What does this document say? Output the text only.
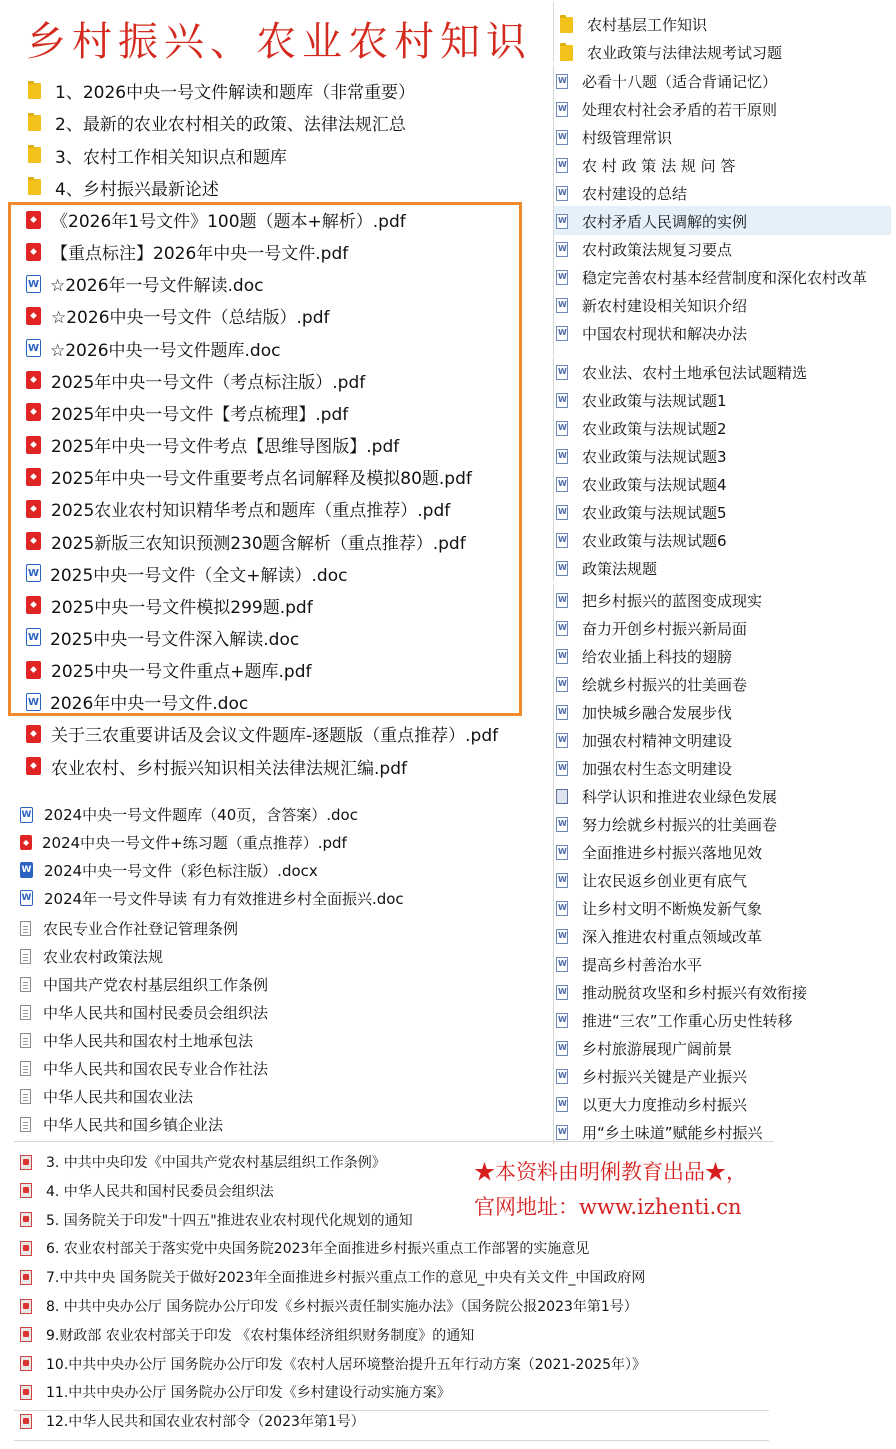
乡村振兴、农业农村知识
1、2026中央一号文件解读和题库（非常重要）
2、最新的农业农村相关的政策、法律法规汇总
3、农村工作相关知识点和题库
4、乡村振兴最新论述
⬥ 《2026年1号文件》100题（题本+解析）.pdf
⬥ 【重点标注】2026年中央一号文件.pdf
W ☆2026年一号文件解读.doc
⬥ ☆2026中央一号文件（总结版）.pdf
W ☆2026中央一号文件题库.doc
⬥ 2025年中央一号文件（考点标注版）.pdf
⬥ 2025年中央一号文件【考点梳理】.pdf
⬥ 2025年中央一号文件考点【思维导图版】.pdf
⬥ 2025年中央一号文件重要考点名词解释及模拟80题.pdf
⬥ 2025农业农村知识精华考点和题库（重点推荐）.pdf
⬥ 2025新版三农知识预测230题含解析（重点推荐）.pdf
W 2025中央一号文件（全文+解读）.doc
⬥ 2025中央一号文件模拟299题.pdf
W 2025中央一号文件深入解读.doc
⬥ 2025中央一号文件重点+题库.pdf
W 2026年中央一号文件.doc
⬥ 关于三农重要讲话及会议文件题库-逐题版（重点推荐）.pdf
⬥ 农业农村、乡村振兴知识相关法律法规汇编.pdf
W 2024中央一号文件题库（40页，含答案）.doc
⬥ 2024中央一号文件+练习题（重点推荐）.pdf
W 2024中央一号文件（彩色标注版）.docx
W 2024年一号文件导读 有力有效推进乡村全面振兴.doc
农民专业合作社登记管理条例
农业农村政策法规
中国共产党农村基层组织工作条例
中华人民共和国村民委员会组织法
中华人民共和国农村土地承包法
中华人民共和国农民专业合作社法
中华人民共和国农业法
中华人民共和国乡镇企业法
3. 中共中央印发《中国共产党农村基层组织工作条例》
4. 中华人民共和国村民委员会组织法
5. 国务院关于印发"十四五"推进农业农村现代化规划的通知
6. 农业农村部关于落实党中央国务院2023年全面推进乡村振兴重点工作部署的实施意见
7.中共中央 国务院关于做好2023年全面推进乡村振兴重点工作的意见_中央有关文件_中国政府网
8. 中共中央办公厅 国务院办公厅印发《乡村振兴责任制实施办法》（国务院公报2023年第1号）
9.财政部 农业农村部关于印发 《农村集体经济组织财务制度》的通知
10.中共中央办公厅 国务院办公厅印发《农村人居环境整治提升五年行动方案（2021-2025年）》
11.中共中央办公厅 国务院办公厅印发《乡村建设行动实施方案》
12.中华人民共和国农业农村部令（2023年第1号）
农村基层工作知识
农业政策与法律法规考试习题
W
必看十八题（适合背诵记忆）
W
处理农村社会矛盾的若干原则
W
村级管理常识
W
农 村 政 策 法 规 问 答
W
农村建设的总结
W
农村矛盾人民调解的实例
W
农村政策法规复习要点
W
稳定完善农村基本经营制度和深化农村改革
W
新农村建设相关知识介绍
W
中国农村现状和解决办法
W
农业法、农村土地承包法试题精选
W
农业政策与法规试题1
W
农业政策与法规试题2
W
农业政策与法规试题3
W
农业政策与法规试题4
W
农业政策与法规试题5
W
农业政策与法规试题6
W
政策法规题
W
把乡村振兴的蓝图变成现实
W
奋力开创乡村振兴新局面
W
给农业插上科技的翅膀
W
绘就乡村振兴的壮美画卷
W
加快城乡融合发展步伐
W
加强农村精神文明建设
W
加强农村生态文明建设
科学认识和推进农业绿色发展
W
努力绘就乡村振兴的壮美画卷
W
全面推进乡村振兴落地见效
W
让农民返乡创业更有底气
W
让乡村文明不断焕发新气象
W
深入推进农村重点领域改革
W
提高乡村善治水平
W
推动脱贫攻坚和乡村振兴有效衔接
W
推进“三农”工作重心历史性转移
W
乡村旅游展现广阔前景
W
乡村振兴关键是产业振兴
W
以更大力度推动乡村振兴
W
用“乡土味道”赋能乡村振兴
★本资料由明俐教育出品★，
官网地址：www.izhenti.cn
